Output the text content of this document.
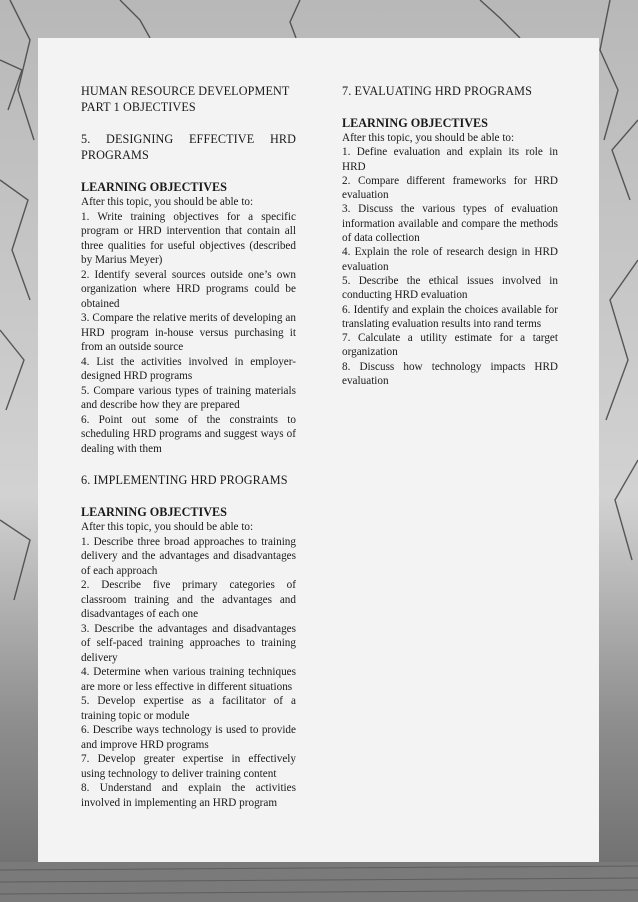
HUMAN RESOURCE DEVELOPMENT PART 1 OBJECTIVES
5. DESIGNING EFFECTIVE HRD PROGRAMS
LEARNING OBJECTIVES

After this topic, you should be able to:

1. Write training objectives for a specific program or HRD intervention that contain all three qualities for useful objectives (described by Marius Meyer)

2. Identify several sources outside one’s own organization where HRD programs could be obtained

3. Compare the relative merits of developing an HRD program in-house versus purchasing it from an outside source

4. List the activities involved in employer-designed HRD programs

5. Compare various types of training materials and describe how they are prepared

6. Point out some of the constraints to scheduling HRD programs and suggest ways of dealing with them

6. IMPLEMENTING HRD PROGRAMS
LEARNING OBJECTIVES

After this topic, you should be able to:

1. Describe three broad approaches to training delivery and the advantages and disadvantages of each approach

2. Describe five primary categories of classroom training and the advantages and disadvantages of each one

3. Describe the advantages and disadvantages of self-paced training approaches to training delivery

4. Determine when various training techniques are more or less effective in different situations

5. Develop expertise as a facilitator of a training topic or module

6. Describe ways technology is used to provide and improve HRD programs

7. Develop greater expertise in effectively using technology to deliver training content

8. Understand and explain the activities involved in implementing an HRD program

7. EVALUATING HRD PROGRAMS
LEARNING OBJECTIVES

After this topic, you should be able to:

1. Define evaluation and explain its role in HRD

2. Compare different frameworks for HRD evaluation

3. Discuss the various types of evaluation information available and compare the methods of data collection

4. Explain the role of research design in HRD evaluation

5. Describe the ethical issues involved in conducting HRD evaluation

6. Identify and explain the choices available for translating evaluation results into rand terms

7. Calculate a utility estimate for a target organization

8. Discuss how technology impacts HRD evaluation
